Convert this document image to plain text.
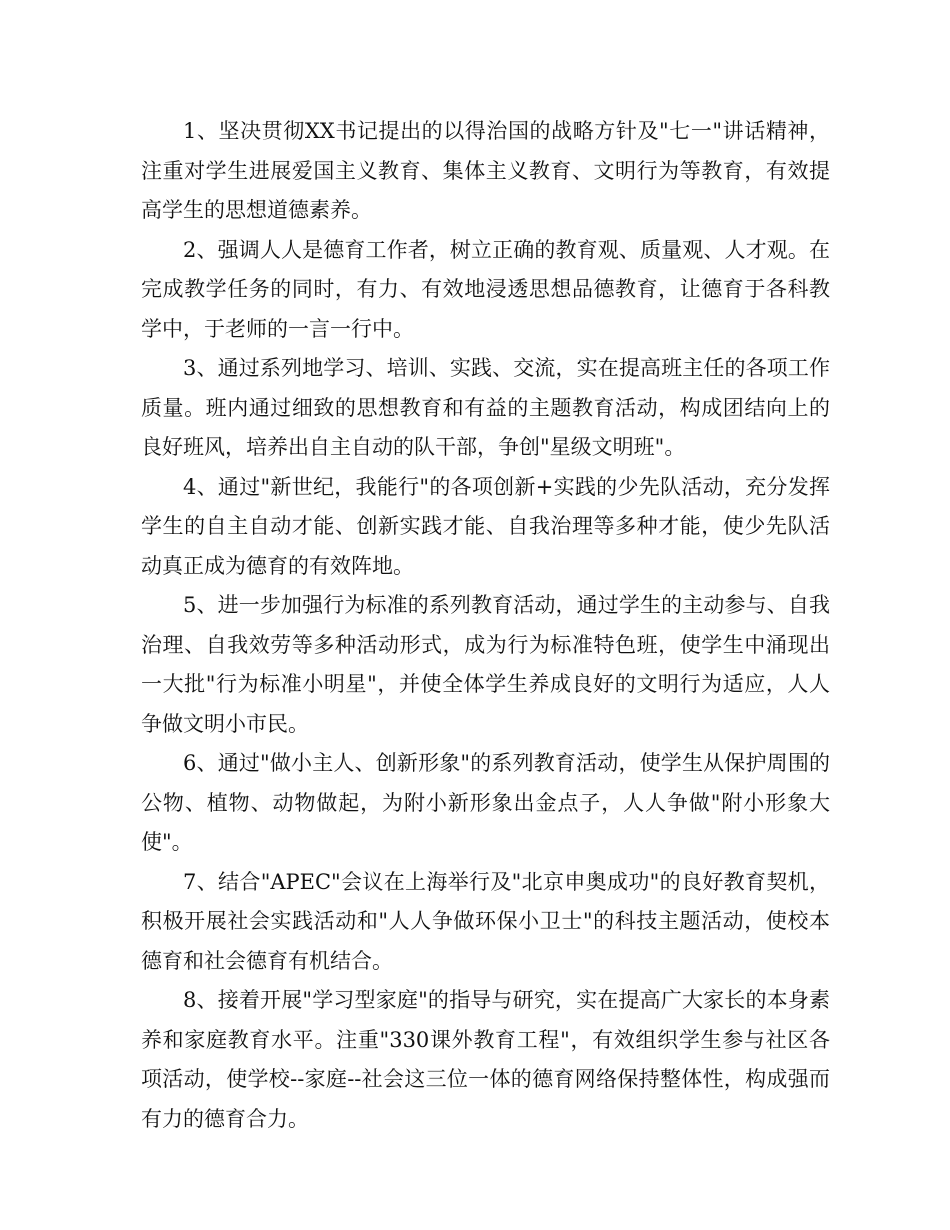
1、坚决贯彻XX书记提出的以得治国的战略方针及"七一"讲话精神，注重对学生进展爱国主义教育、集体主义教育、文明行为等教育，有效提高学生的思想道德素养。

2、强调人人是德育工作者，树立正确的教育观、质量观、人才观。在完成教学任务的同时，有力、有效地浸透思想品德教育，让德育于各科教学中，于老师的一言一行中。

3、通过系列地学习、培训、实践、交流，实在提高班主任的各项工作质量。班内通过细致的思想教育和有益的主题教育活动，构成团结向上的良好班风，培养出自主自动的队干部，争创"星级文明班"。

4、通过"新世纪，我能行"的各项创新+实践的少先队活动，充分发挥学生的自主自动才能、创新实践才能、自我治理等多种才能，使少先队活动真正成为德育的有效阵地。

5、进一步加强行为标准的系列教育活动，通过学生的主动参与、自我治理、自我效劳等多种活动形式，成为行为标准特色班，使学生中涌现出一大批"行为标准小明星"，并使全体学生养成良好的文明行为适应，人人争做文明小市民。

6、通过"做小主人、创新形象"的系列教育活动，使学生从保护周围的公物、植物、动物做起，为附小新形象出金点子，人人争做"附小形象大使"。

7、结合"APEC"会议在上海举行及"北京申奥成功"的良好教育契机，积极开展社会实践活动和"人人争做环保小卫士"的科技主题活动，使校本德育和社会德育有机结合。

8、接着开展"学习型家庭"的指导与研究，实在提高广大家长的本身素养和家庭教育水平。注重"330课外教育工程"，有效组织学生参与社区各项活动，使学校--家庭--社会这三位一体的德育网络保持整体性，构成强而有力的德育合力。
